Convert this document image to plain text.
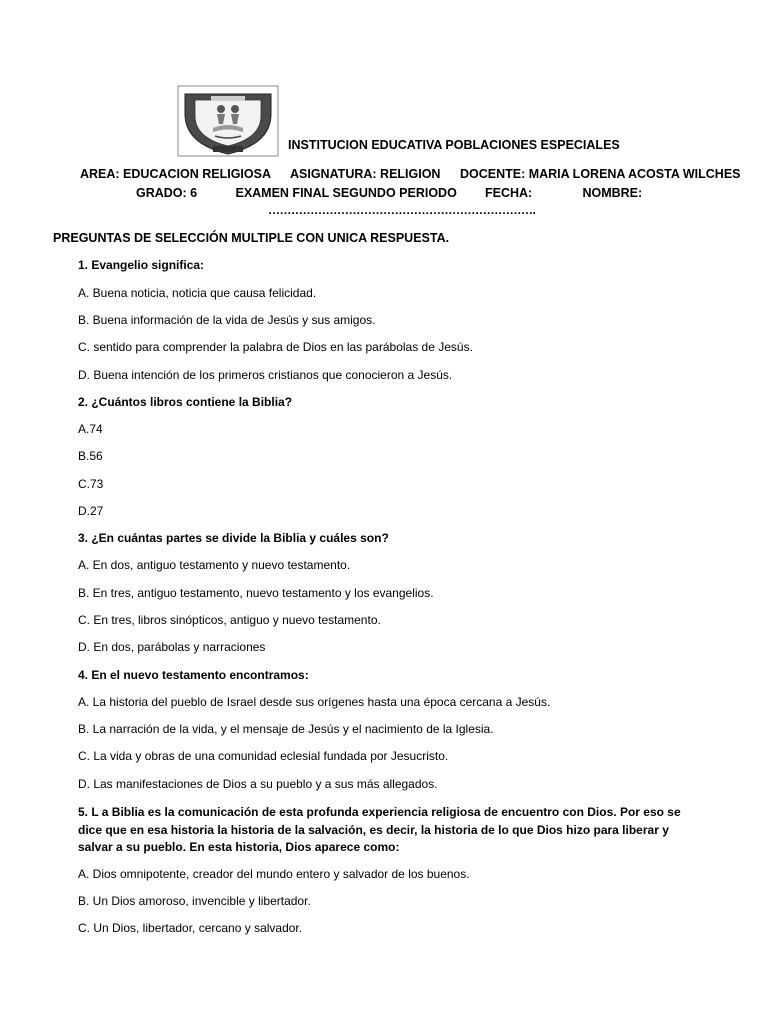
INSTITUCION EDUCATIVA POBLACIONES ESPECIALES
AREA: EDUCACION RELIGIOSA ASIGNATURA: RELIGION DOCENTE: MARIA LORENA ACOSTA WILCHES
GRADO: 6	EXAMEN FINAL SEGUNDO PERIODO FECHA:	NOMBRE:
…………………………………………………………….
PREGUNTAS DE SELECCIÓN MULTIPLE CON UNICA RESPUESTA.
1. Evangelio significa:
A. Buena noticia, noticia que causa felicidad.
B. Buena información de la vida de Jesús y sus amigos.
C. sentido para comprender la palabra de Dios en las parábolas de Jesús.
D. Buena intención de los primeros cristianos que conocieron a Jesús.
2. ¿Cuántos libros contiene la Biblia?
A.74
B.56
C.73
D.27
3. ¿En cuántas partes se divide la Biblia y cuáles son?
A. En dos, antiguo testamento y nuevo testamento.
B. En tres, antiguo testamento, nuevo testamento y los evangelios.
C. En tres, libros sinópticos, antiguo y nuevo testamento.
D. En dos, parábolas y narraciones
4. En el nuevo testamento encontramos:
A. La historia del pueblo de Israel desde sus orígenes hasta una época cercana a Jesús.
B. La narración de la vida, y el mensaje de Jesús y el nacimiento de la Iglesia.
C. La vida y obras de una comunidad eclesial fundada por Jesucristo.
D. Las manifestaciones de Dios a su pueblo y a sus más allegados.
5. L a Biblia es la comunicación de esta profunda experiencia religiosa de encuentro con Dios. Por eso se dice que en esa historia la historia de la salvación, es decir, la historia de lo que Dios hizo para liberar y salvar a su pueblo. En esta historia, Dios aparece como:
A. Dios omnipotente, creador del mundo entero y salvador de los buenos.
B. Un Dios amoroso, invencible y libertador.
C. Un Dios, libertador, cercano y salvador.
